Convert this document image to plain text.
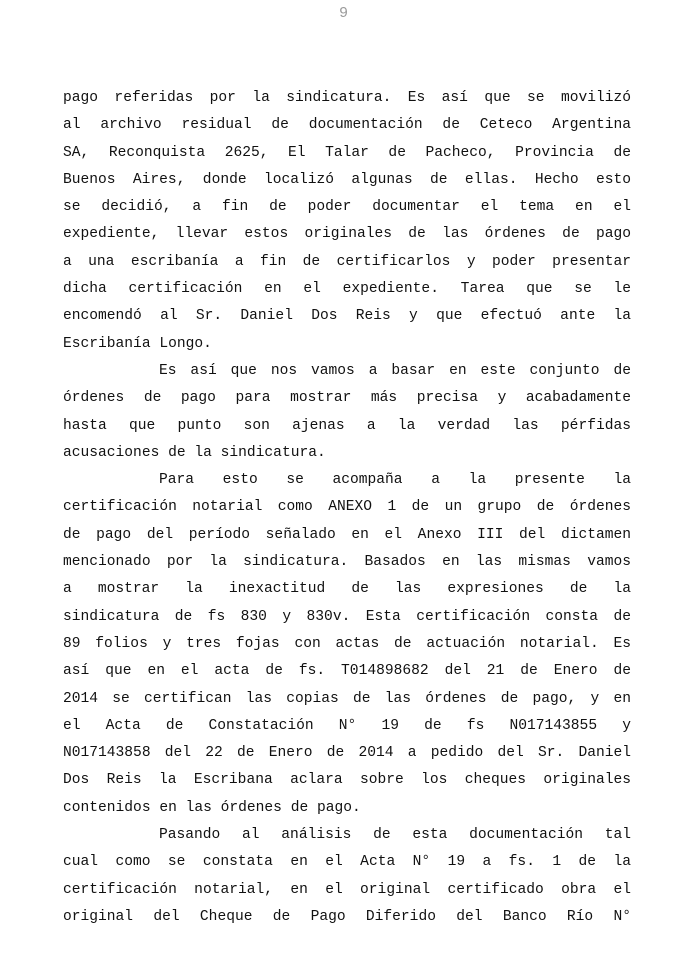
9
pago referidas por la sindicatura. Es así que se movilizó
al archivo residual de documentación de Ceteco Argentina
SA, Reconquista 2625, El Talar de Pacheco, Provincia de
Buenos Aires, donde localizó algunas de ellas. Hecho esto
se decidió, a fin de poder documentar el tema en el
expediente, llevar estos originales de las órdenes de pago
a una escribanía a fin de certificarlos y poder presentar
dicha certificación en el expediente. Tarea que se le
encomendó al Sr. Daniel Dos Reis y que efectuó ante la
Escribanía Longo.
Es así que nos vamos a basar en este conjunto de
órdenes de pago para mostrar más precisa y acabadamente
hasta que punto son ajenas a la verdad las pérfidas
acusaciones de la sindicatura.
Para esto se acompaña a la presente la
certificación notarial como ANEXO 1 de un grupo de órdenes
de pago del período señalado en el Anexo III del dictamen
mencionado por la sindicatura. Basados en las mismas vamos
a mostrar la inexactitud de las expresiones de la
sindicatura de fs 830 y 830v. Esta certificación consta de
89 folios y tres fojas con actas de actuación notarial. Es
así que en el acta de fs. T014898682 del 21 de Enero de
2014 se certifican las copias de las órdenes de pago, y en
el Acta de Constatación N° 19 de fs N017143855 y
N017143858 del 22 de Enero de 2014 a pedido del Sr. Daniel
Dos Reis la Escribana aclara sobre los cheques originales
contenidos en las órdenes de pago.
Pasando al análisis de esta documentación tal
cual como se constata en el Acta N° 19 a fs. 1 de la
certificación notarial, en el original certificado obra el
original del Cheque de Pago Diferido del Banco Río N°
